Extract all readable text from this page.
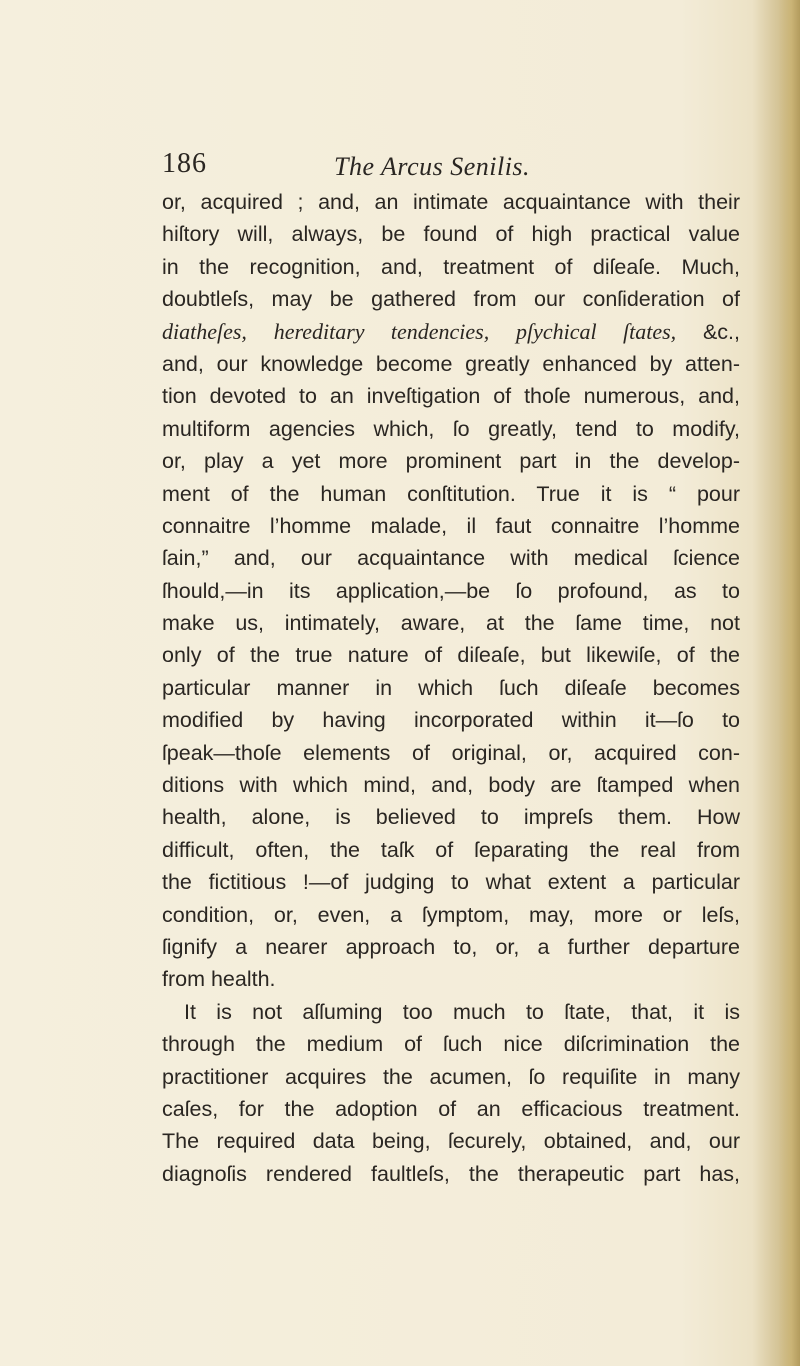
186	The Arcus Senilis.
or, acquired ; and, an intimate acquaintance with their
hiſtory will, always, be found of high practical value
in the recognition, and, treatment of diſeaſe. Much,
doubtleſs, may be gathered from our conſideration of
diatheſes, hereditary tendencies, pſychical ſtates, &c.,
and, our knowledge become greatly enhanced by atten-
tion devoted to an inveſtigation of thoſe numerous, and,
multiform agencies which, ſo greatly, tend to modify,
or, play a yet more prominent part in the develop-
ment of the human conſtitution. True it is “ pour
connaitre l’homme malade, il faut connaitre l’homme
ſain,” and, our acquaintance with medical ſcience
ſhould,—in its application,—be ſo profound, as to
make us, intimately, aware, at the ſame time, not
only of the true nature of diſeaſe, but likewiſe, of the
particular manner in which ſuch diſeaſe becomes
modified by having incorporated within it—ſo to
ſpeak—thoſe elements of original, or, acquired con-
ditions with which mind, and, body are ſtamped when
health, alone, is believed to impreſs them. How
difficult, often, the taſk of ſeparating the real from
the fictitious !—of judging to what extent a particular
condition, or, even, a ſymptom, may, more or leſs,
ſignify a nearer approach to, or, a further departure
from health.
It is not aſſuming too much to ſtate, that, it is
through the medium of ſuch nice diſcrimination the
practitioner acquires the acumen, ſo requiſite in many
caſes, for the adoption of an efficacious treatment.
The required data being, ſecurely, obtained, and, our
diagnoſis rendered faultleſs, the therapeutic part has,
